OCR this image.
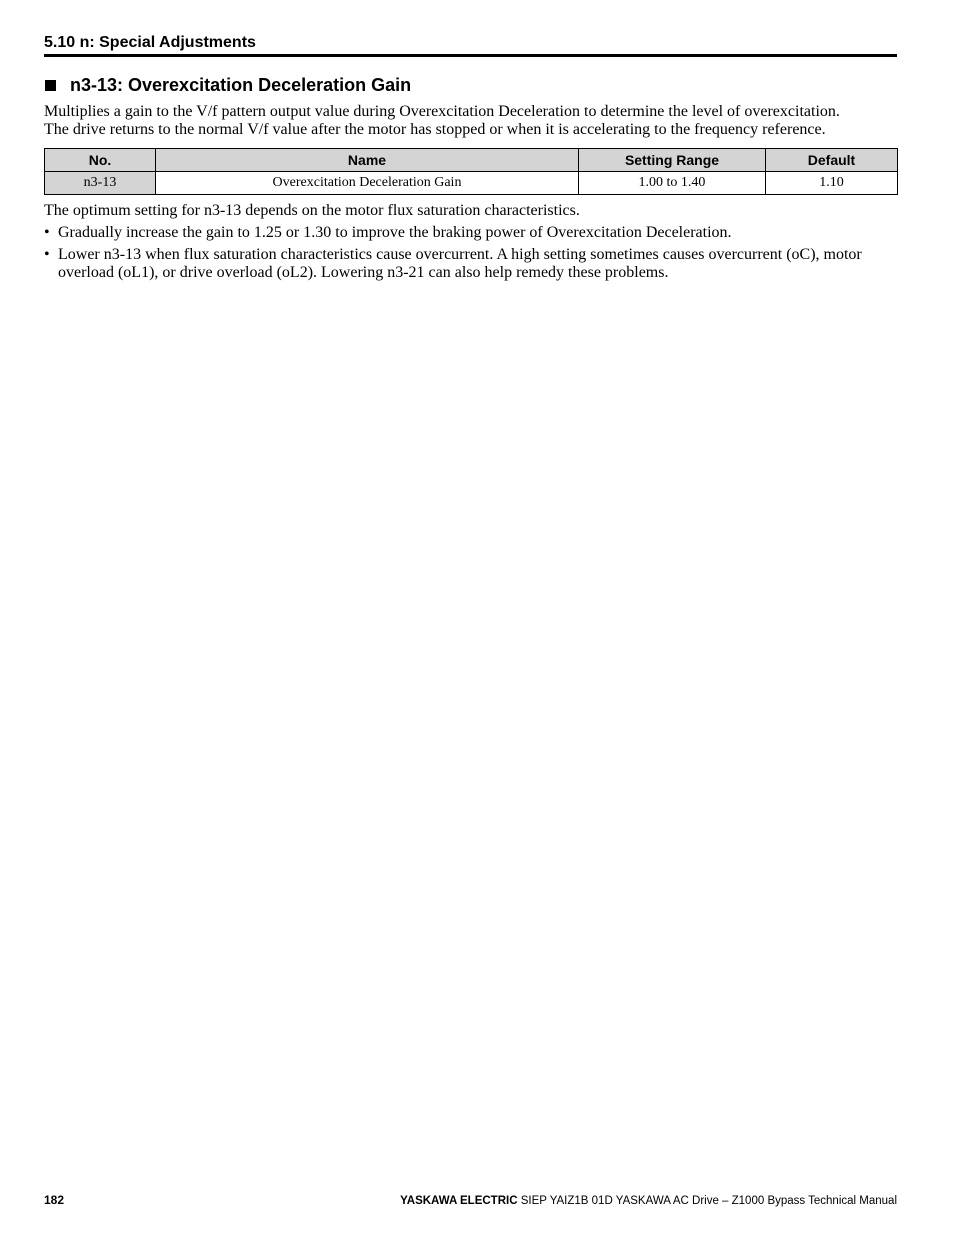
5.10 n: Special Adjustments
n3-13: Overexcitation Deceleration Gain

Multiplies a gain to the V/f pattern output value during Overexcitation Deceleration to determine the level of overexcitation.

The drive returns to the normal V/f value after the motor has stopped or when it is accelerating to the frequency reference.

No.	Name	Setting Range	Default
n3-13	Overexcitation Deceleration Gain	1.00 to 1.40	1.10

The optimum setting for n3-13 depends on the motor flux saturation characteristics.

• Gradually increase the gain to 1.25 or 1.30 to improve the braking power of Overexcitation Deceleration.
• Lower n3-13 when flux saturation characteristics cause overcurrent. A high setting sometimes causes overcurrent (oC), motor overload (oL1), or drive overload (oL2). Lowering n3-21 can also help remedy these problems.
182	YASKAWA ELECTRIC SIEP YAIZ1B 01D YASKAWA AC Drive – Z1000 Bypass Technical Manual
